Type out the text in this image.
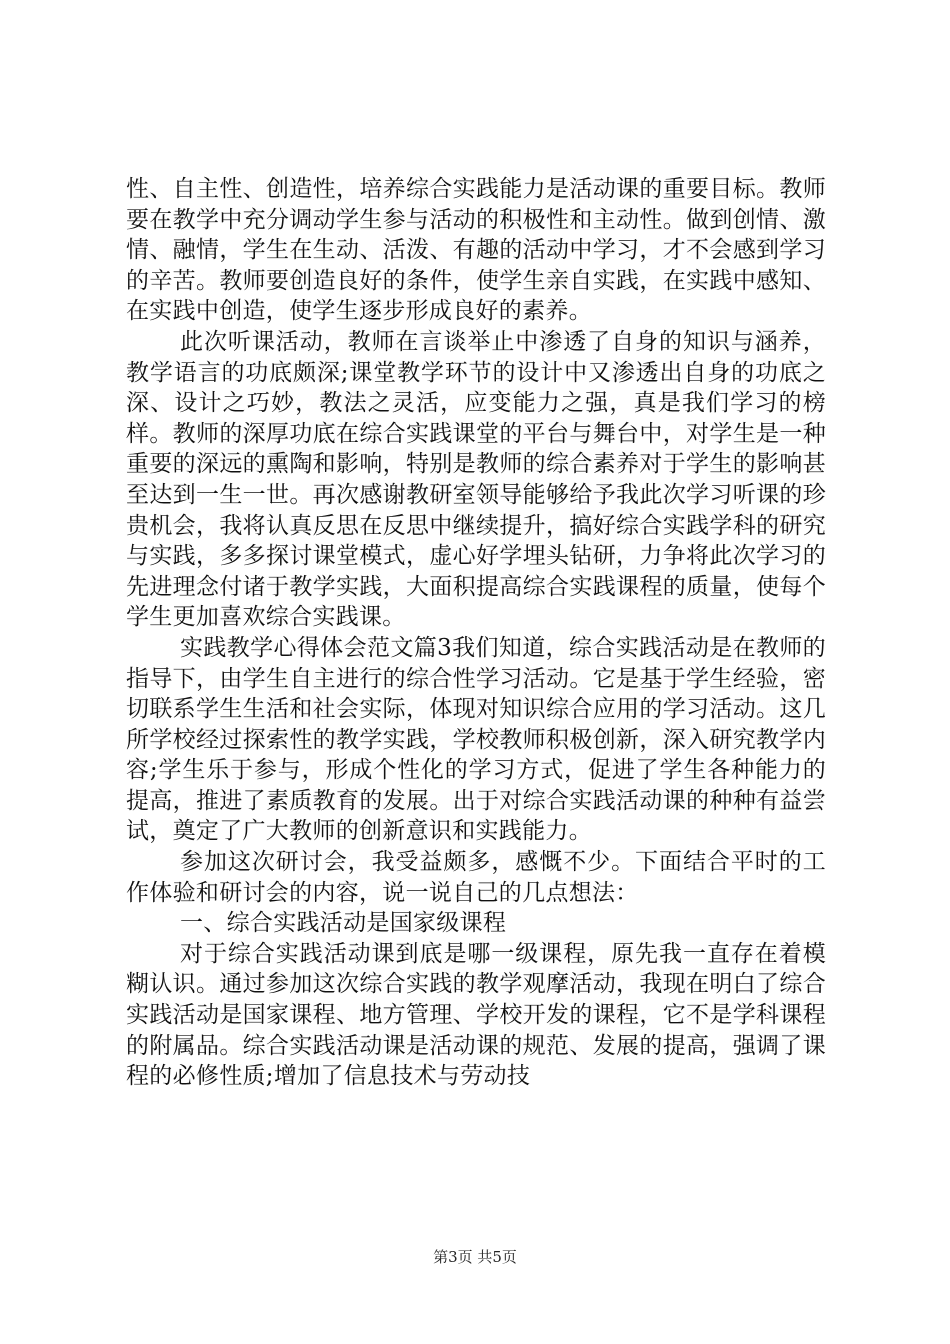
性、自主性、创造性，培养综合实践能力是活动课的重要目标。教师要在教学中充分调动学生参与活动的积极性和主动性。做到创情、激情、融情，学生在生动、活泼、有趣的活动中学习，才不会感到学习的辛苦。教师要创造良好的条件，使学生亲自实践，在实践中感知、在实践中创造，使学生逐步形成良好的素养。

此次听课活动，教师在言谈举止中渗透了自身的知识与涵养，教学语言的功底颇深;课堂教学环节的设计中又渗透出自身的功底之深、设计之巧妙，教法之灵活，应变能力之强，真是我们学习的榜样。教师的深厚功底在综合实践课堂的平台与舞台中，对学生是一种重要的深远的熏陶和影响，特别是教师的综合素养对于学生的影响甚至达到一生一世。再次感谢教研室领导能够给予我此次学习听课的珍贵机会，我将认真反思在反思中继续提升，搞好综合实践学科的研究与实践，多多探讨课堂模式，虚心好学埋头钻研，力争将此次学习的先进理念付诸于教学实践，大面积提高综合实践课程的质量，使每个学生更加喜欢综合实践课。

实践教学心得体会范文篇3我们知道，综合实践活动是在教师的指导下，由学生自主进行的综合性学习活动。它是基于学生经验，密切联系学生生活和社会实际，体现对知识综合应用的学习活动。这几所学校经过探索性的教学实践，学校教师积极创新，深入研究教学内容;学生乐于参与，形成个性化的学习方式，促进了学生各种能力的提高，推进了素质教育的发展。出于对综合实践活动课的种种有益尝试，奠定了广大教师的创新意识和实践能力。

参加这次研讨会，我受益颇多，感慨不少。下面结合平时的工作体验和研讨会的内容，说一说自己的几点想法：

一、综合实践活动是国家级课程

对于综合实践活动课到底是哪一级课程，原先我一直存在着模糊认识。通过参加这次综合实践的教学观摩活动，我现在明白了综合实践活动是国家课程、地方管理、学校开发的课程，它不是学科课程的附属品。综合实践活动课是活动课的规范、发展的提高，强调了课程的必修性质;增加了信息技术与劳动技

第3页 共5页
